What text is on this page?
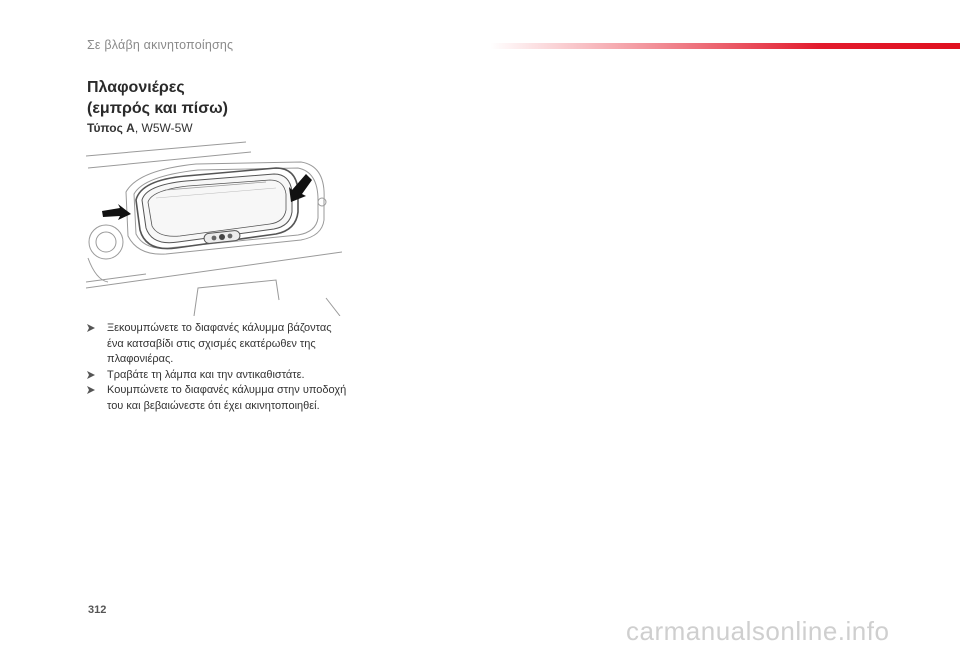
Σε βλάβη ακινητοποίησης
Πλαφονιέρες
(εμπρός και πίσω)
Τύπος A, W5W-5W
Ξεκουμπώνετε το διαφανές κάλυμμα βάζοντας ένα κατσαβίδι στις σχισμές εκατέρωθεν της πλαφονιέρας.
Τραβάτε τη λάμπα και την αντικαθιστάτε.
Κουμπώνετε το διαφανές κάλυμμα στην υποδοχή του και βεβαιώνεστε ότι έχει ακινητοποιηθεί.
312
carmanualsonline.info
